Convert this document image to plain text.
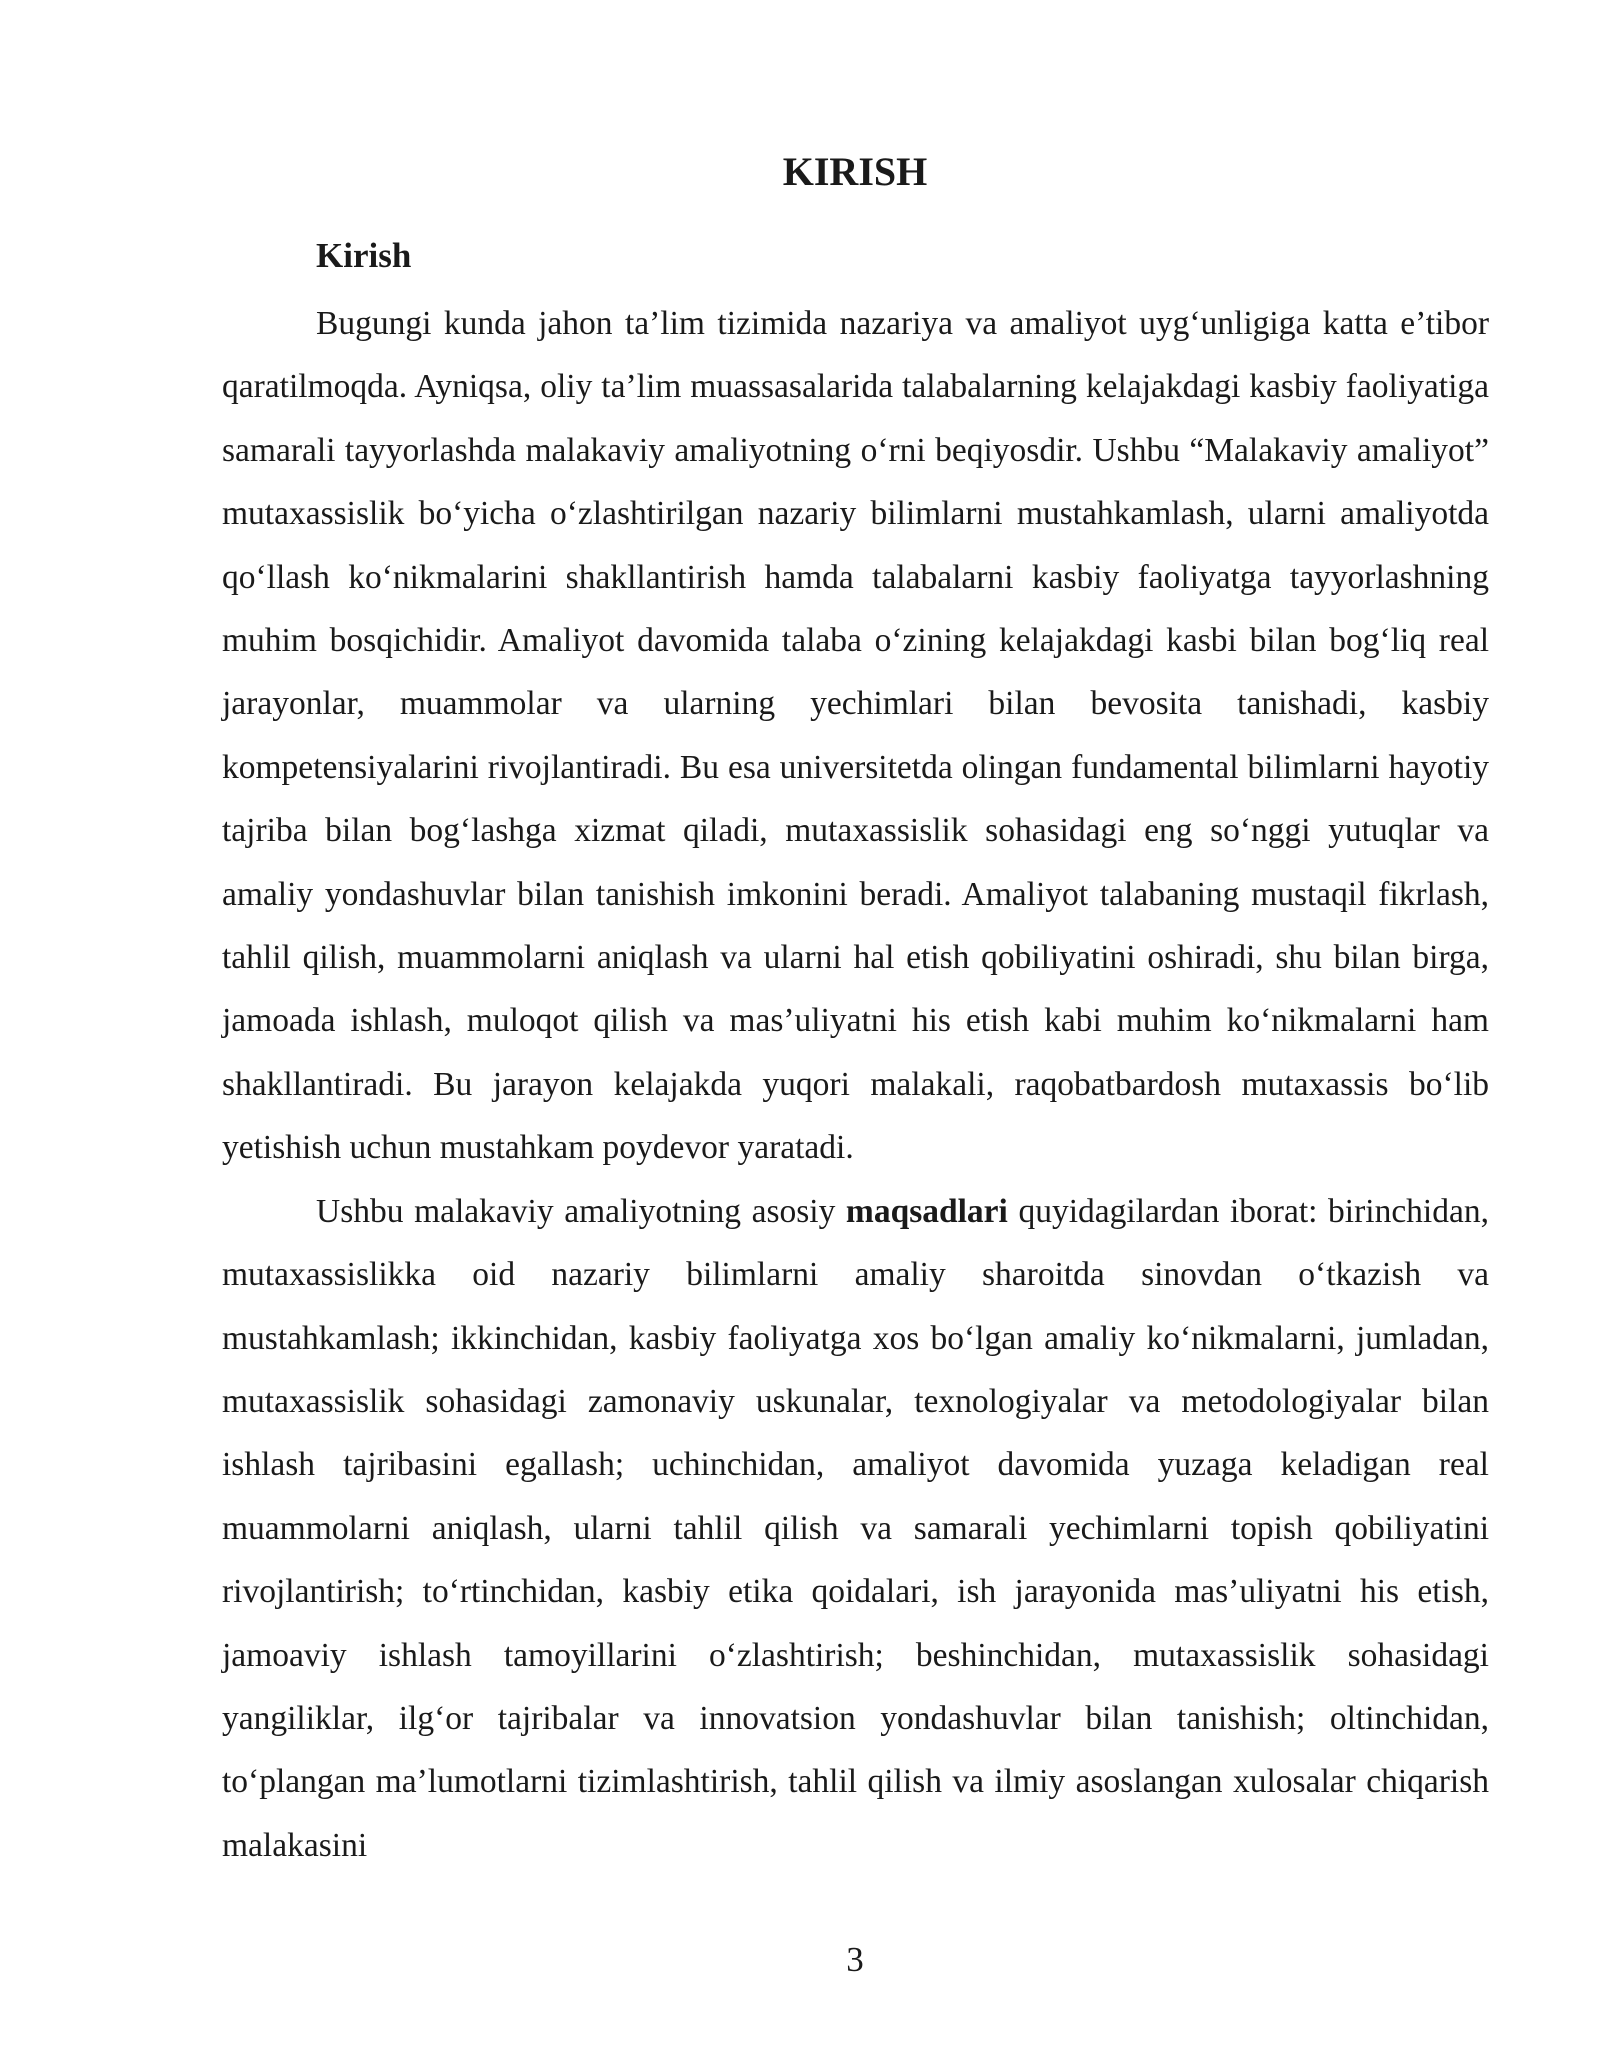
KIRISH
Kirish

Bugungi kunda jahon ta’lim tizimida nazariya va amaliyot uyg‘unligiga katta e’tibor qaratilmoqda. Ayniqsa, oliy ta’lim muassasalarida talabalarning kelajakdagi kasbiy faoliyatiga samarali tayyorlashda malakaviy amaliyotning o‘rni beqiyosdir. Ushbu “Malakaviy amaliyot” mutaxassislik bo‘yicha o‘zlashtirilgan nazariy bilimlarni mustahkamlash, ularni amaliyotda qo‘llash ko‘nikmalarini shakllantirish hamda talabalarni kasbiy faoliyatga tayyorlashning muhim bosqichidir. Amaliyot davomida talaba o‘zining kelajakdagi kasbi bilan bog‘liq real jarayonlar, muammolar va ularning yechimlari bilan bevosita tanishadi, kasbiy kompetensiyalarini rivojlantiradi. Bu esa universitetda olingan fundamental bilimlarni hayotiy tajriba bilan bog‘lashga xizmat qiladi, mutaxassislik sohasidagi eng so‘nggi yutuqlar va amaliy yondashuvlar bilan tanishish imkonini beradi. Amaliyot talabaning mustaqil fikrlash, tahlil qilish, muammolarni aniqlash va ularni hal etish qobiliyatini oshiradi, shu bilan birga, jamoada ishlash, muloqot qilish va mas’uliyatni his etish kabi muhim ko‘nikmalarni ham shakllantiradi. Bu jarayon kelajakda yuqori malakali, raqobatbardosh mutaxassis bo‘lib yetishish uchun mustahkam poydevor yaratadi.

Ushbu malakaviy amaliyotning asosiy maqsadlari quyidagilardan iborat: birinchidan, mutaxassislikka oid nazariy bilimlarni amaliy sharoitda sinovdan o‘tkazish va mustahkamlash; ikkinchidan, kasbiy faoliyatga xos bo‘lgan amaliy ko‘nikmalarni, jumladan, mutaxassislik sohasidagi zamonaviy uskunalar, texnologiyalar va metodologiyalar bilan ishlash tajribasini egallash; uchinchidan, amaliyot davomida yuzaga keladigan real muammolarni aniqlash, ularni tahlil qilish va samarali yechimlarni topish qobiliyatini rivojlantirish; to‘rtinchidan, kasbiy etika qoidalari, ish jarayonida mas’uliyatni his etish, jamoaviy ishlash tamoyillarini o‘zlashtirish; beshinchidan, mutaxassislik sohasidagi yangiliklar, ilg‘or tajribalar va innovatsion yondashuvlar bilan tanishish; oltinchidan, to‘plangan ma’lumotlarni tizimlashtirish, tahlil qilish va ilmiy asoslangan xulosalar chiqarish malakasini

3
